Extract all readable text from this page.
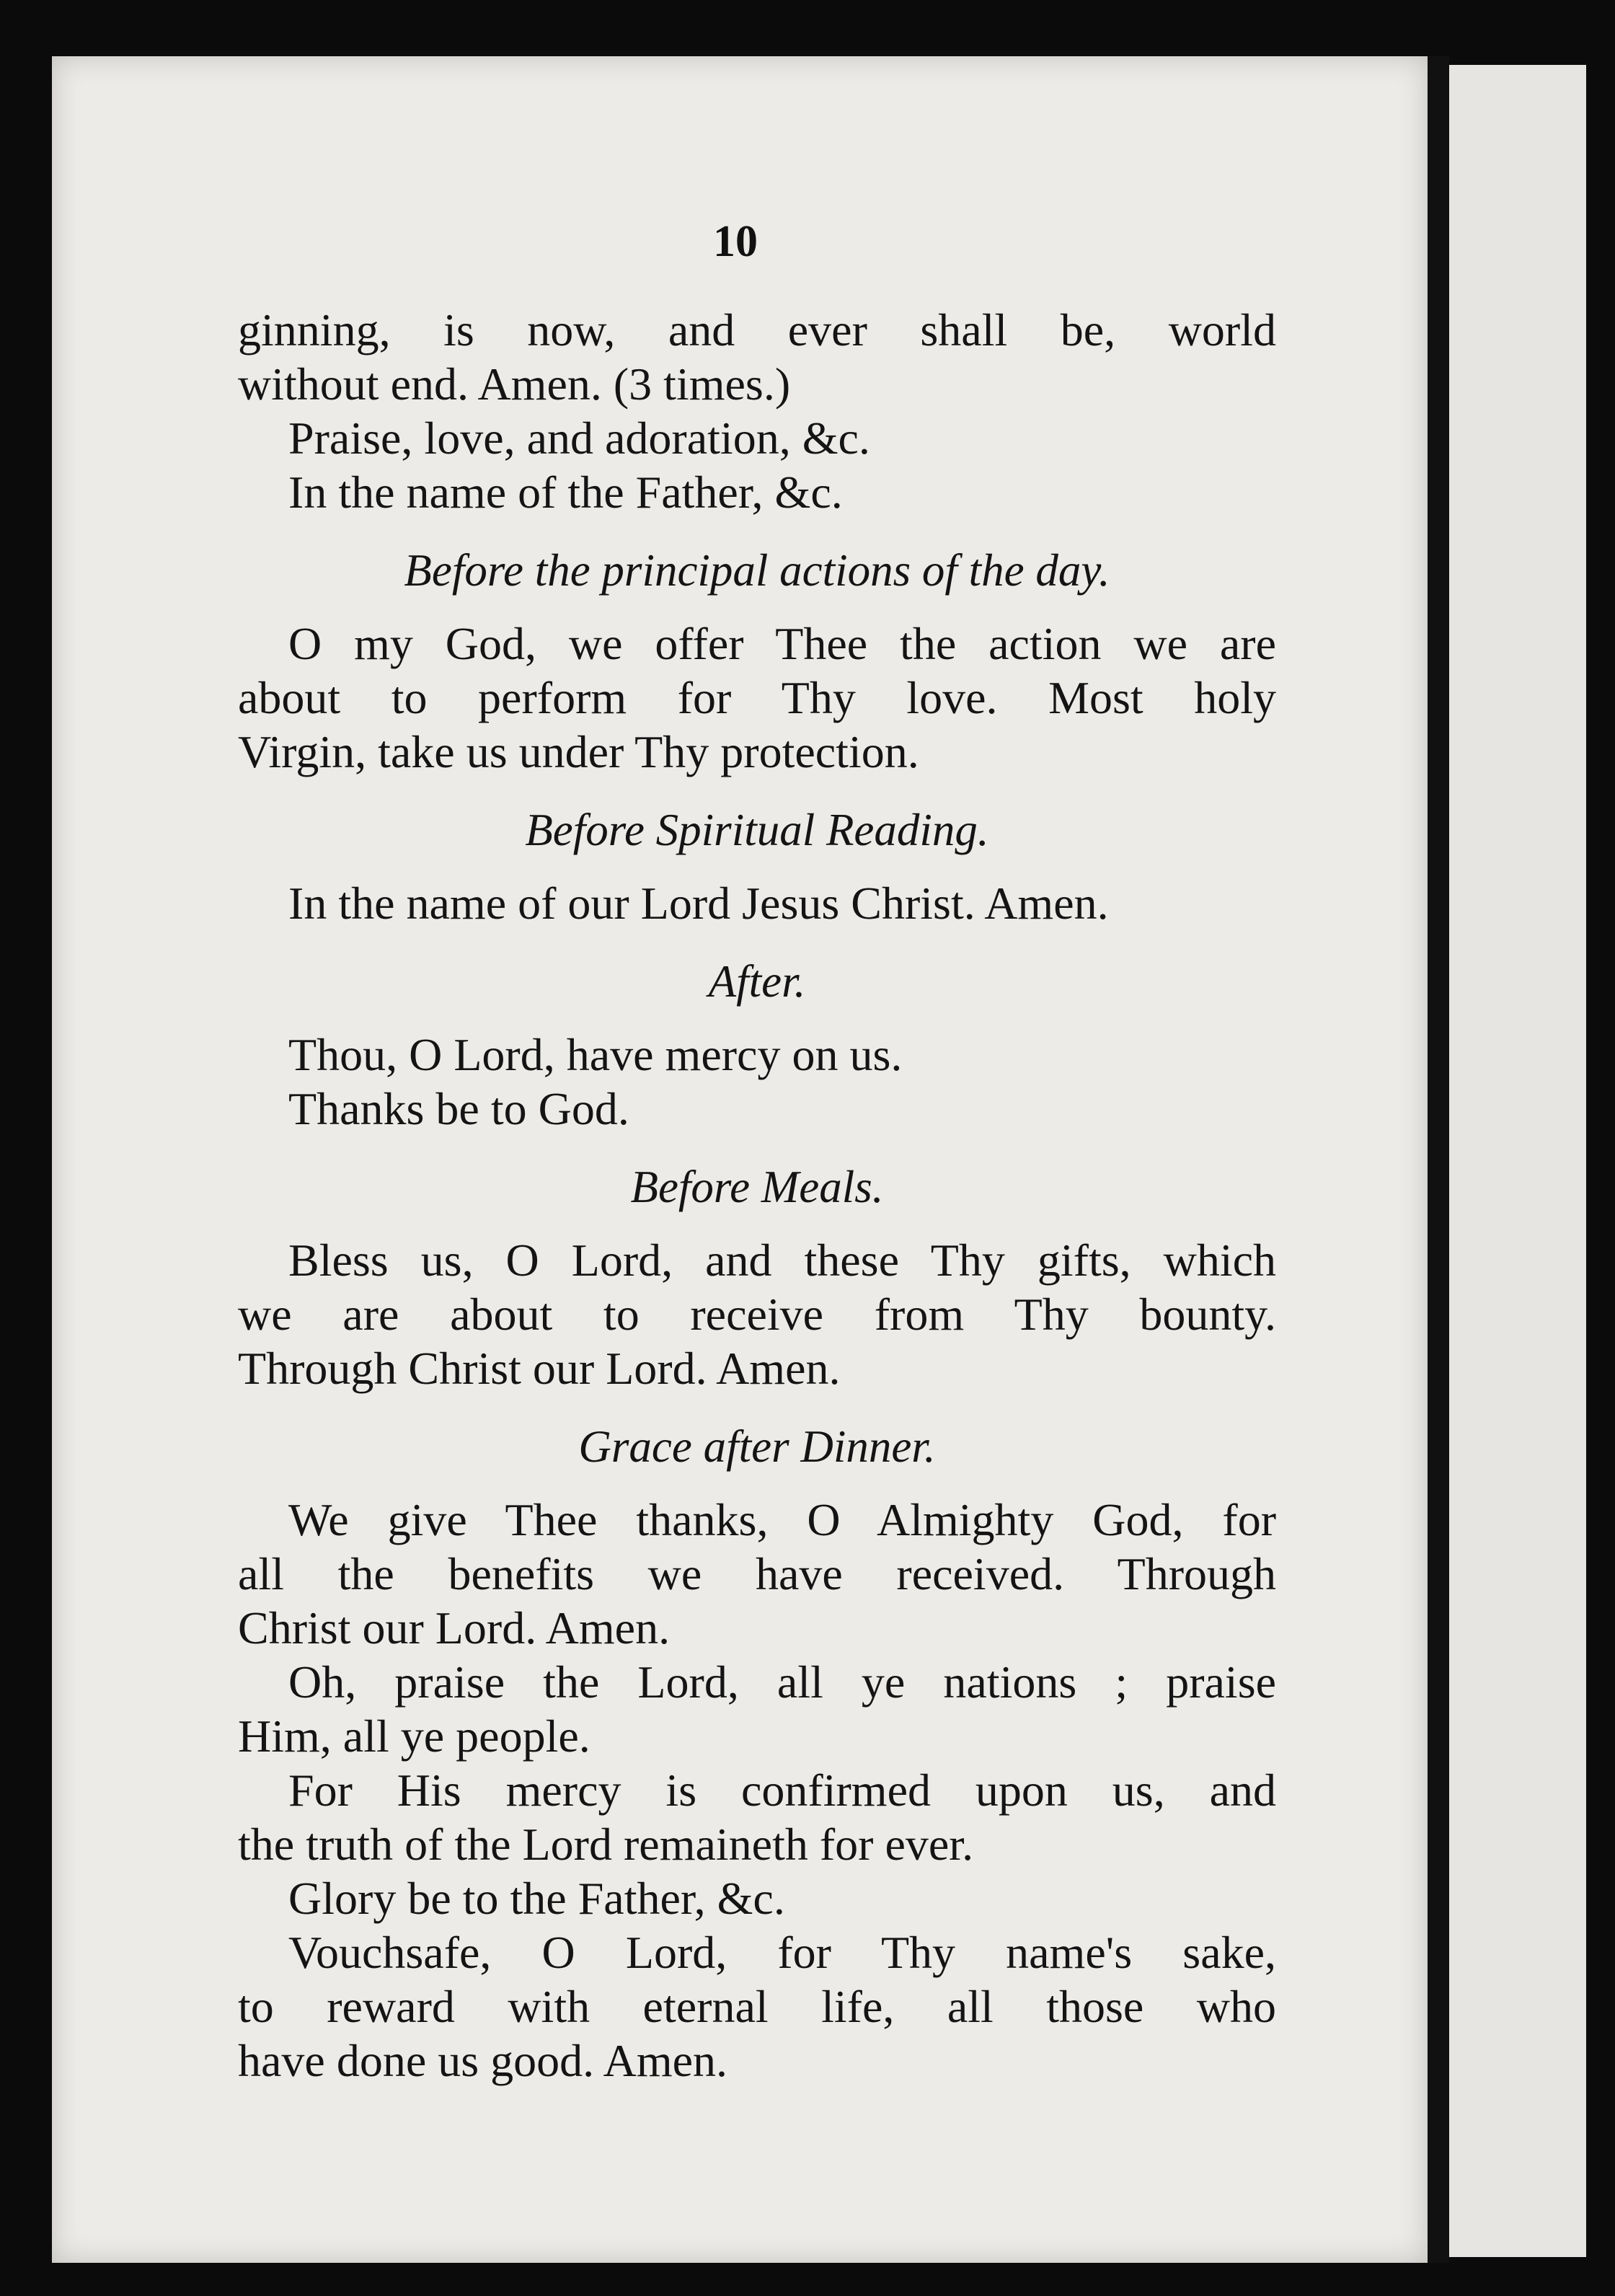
10
ginning, is now, and ever shall be, world
without end. Amen. (3 times.)
Praise, love, and adoration, &c.
In the name of the Father, &c.
Before the principal actions of the day.
O my God, we offer Thee the action we are
about to perform for Thy love. Most holy
Virgin, take us under Thy protection.
Before Spiritual Reading.
In the name of our Lord Jesus Christ. Amen.
After.
Thou, O Lord, have mercy on us.
Thanks be to God.
Before Meals.
Bless us, O Lord, and these Thy gifts, which
we are about to receive from Thy bounty.
Through Christ our Lord. Amen.
Grace after Dinner.
We give Thee thanks, O Almighty God, for
all the benefits we have received. Through
Christ our Lord. Amen.
Oh, praise the Lord, all ye nations ; praise
Him, all ye people.
For His mercy is confirmed upon us, and
the truth of the Lord remaineth for ever.
Glory be to the Father, &c.
Vouchsafe, O Lord, for Thy name's sake,
to reward with eternal life, all those who
have done us good. Amen.
